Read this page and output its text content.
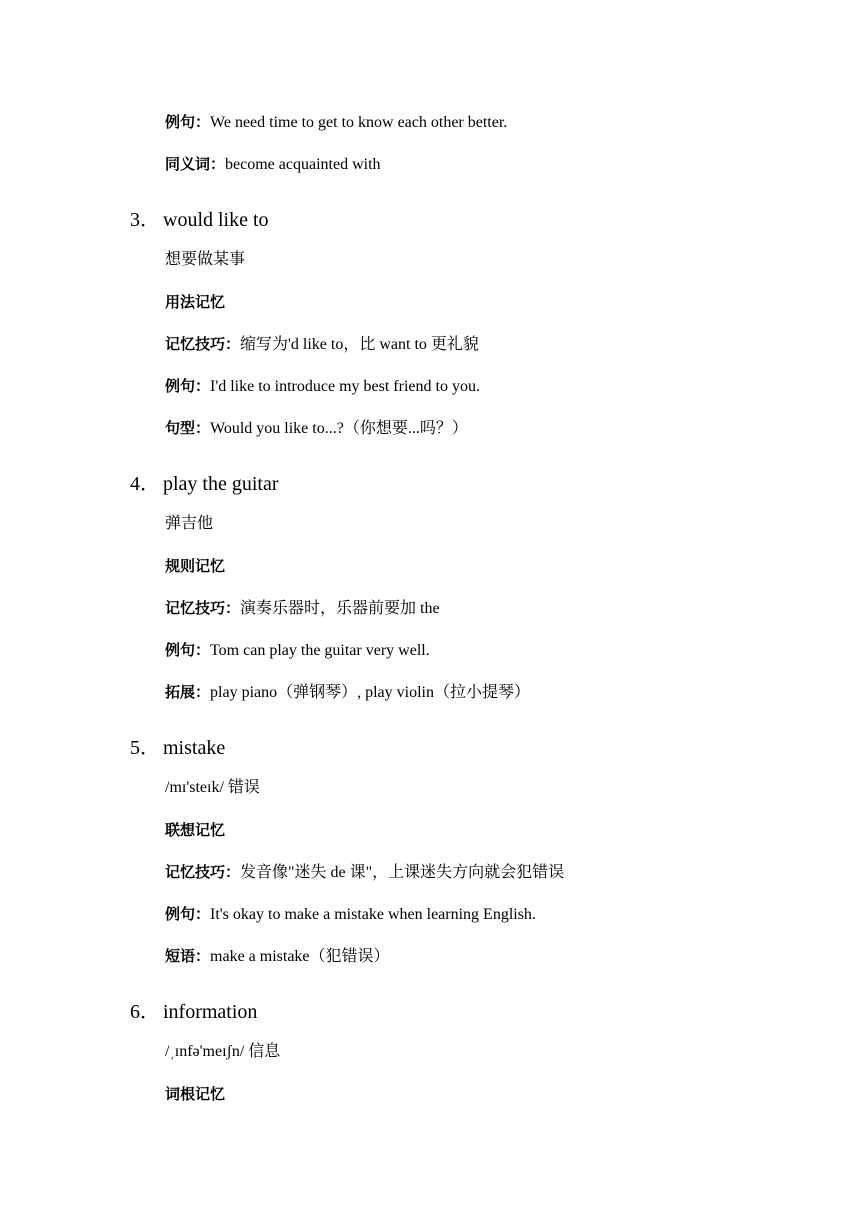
例句：We need time to get to know each other better.
同义词：become acquainted with
3． would like to
想要做某事
用法记忆
记忆技巧：缩写为'd like to，比 want to 更礼貌
例句：I'd like to introduce my best friend to you.
句型：Would you like to...?（你想要...吗？）
4． play the guitar
弹吉他
规则记忆
记忆技巧：演奏乐器时，乐器前要加 the
例句：Tom can play the guitar very well.
拓展：play piano（弹钢琴）, play violin（拉小提琴）
5． mistake
/mɪ'steɪk/ 错误
联想记忆
记忆技巧：发音像"迷失 de 课"，上课迷失方向就会犯错误
例句：It's okay to make a mistake when learning English.
短语：make a mistake（犯错误）
6． information
/ˌɪnfə'meɪʃn/ 信息
词根记忆
